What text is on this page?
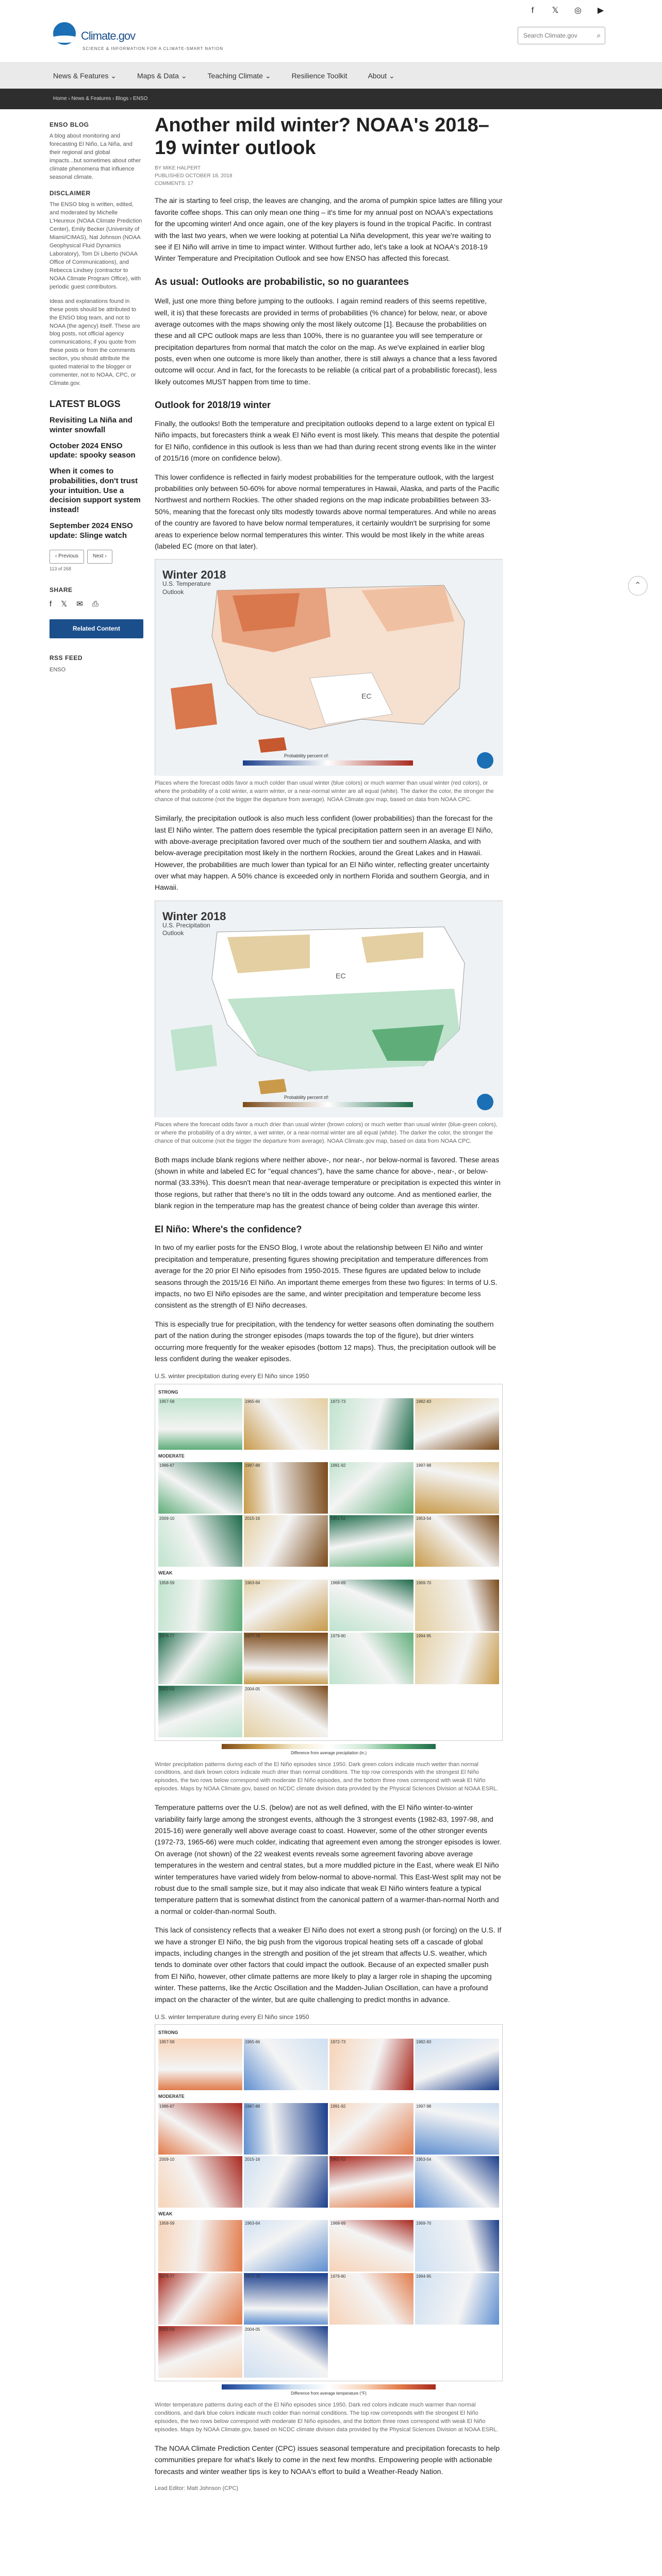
Climate.gov
SCIENCE & INFORMATION FOR A CLIMATE-SMART NATION
f	𝕏 ◎ ▶
Search Climate.gov	⌕
News & Features ⌄	Maps & Data ⌄	Teaching Climate ⌄	Resilience Toolkit	About ⌄
Home › News & Features › Blogs › ENSO
ENSO BLOG

A blog about monitoring and forecasting El Niño, La Niña, and their regional and global impacts...but sometimes about other climate phenomena that influence seasonal climate.

DISCLAIMER

The ENSO blog is written, edited, and moderated by Michelle L'Heureux (NOAA Climate Prediction Center), Emily Becker (University of Miami/CIMAS), Nat Johnson (NOAA Geophysical Fluid Dynamics Laboratory), Tom Di Liberto (NOAA Office of Communications), and Rebecca Lindsey (contractor to NOAA Climate Program Office), with periodic guest contributors.

Ideas and explanations found in these posts should be attributed to the ENSO blog team, and not to NOAA (the agency) itself. These are blog posts, not official agency communications; if you quote from these posts or from the comments section, you should attribute the quoted material to the blogger or commenter, not to NOAA, CPC, or Climate.gov.

LATEST BLOGS
Revisiting La Niña and winter snowfall
October 2024 ENSO update: spooky season
When it comes to probabilities, don't trust your intuition. Use a decision support system instead!
September 2024 ENSO update: Slinge watch
‹ Previous	Next ›
113 of 268
SHARE
f 𝕏 ✉ ⎙
Related Content
RSS FEED
ENSO
Another mild winter? NOAA's 2018–19 winter outlook
BY MIKE HALPERT
PUBLISHED OCTOBER 18, 2018
COMMENTS: 17

The air is starting to feel crisp, the leaves are changing, and the aroma of pumpkin spice lattes are filling your favorite coffee shops. This can only mean one thing – it's time for my annual post on NOAA's expectations for the upcoming winter! And once again, one of the key players is found in the tropical Pacific. In contrast with the last two years, when we were looking at potential La Niña development, this year we're waiting to see if El Niño will arrive in time to impact winter. Without further ado, let's take a look at NOAA's 2018-19 Winter Temperature and Precipitation Outlook and see how ENSO has affected this forecast.

As usual: Outlooks are probabilistic, so no guarantees

Well, just one more thing before jumping to the outlooks. I again remind readers of this seems repetitive, well, it is) that these forecasts are provided in terms of probabilities (% chance) for below, near, or above average outcomes with the maps showing only the most likely outcome [1]. Because the probabilities on these and all CPC outlook maps are less than 100%, there is no guarantee you will see temperature or precipitation departures from normal that match the color on the map. As we've explained in earlier blog posts, even when one outcome is more likely than another, there is still always a chance that a less favored outcome will occur. And in fact, for the forecasts to be reliable (a critical part of a probabilistic forecast), less likely outcomes MUST happen from time to time.

Outlook for 2018/19 winter

Finally, the outlooks! Both the temperature and precipitation outlooks depend to a large extent on typical El Niño impacts, but forecasters think a weak El Niño event is most likely. This means that despite the potential for El Niño, confidence in this outlook is less than we had than during recent strong events like in the winter of 2015/16 (more on confidence below).

This lower confidence is reflected in fairly modest probabilities for the temperature outlook, with the largest probabilities only between 50-60% for above normal temperatures in Hawaii, Alaska, and parts of the Pacific Northwest and northern Rockies. The other shaded regions on the map indicate probabilities between 33-50%, meaning that the forecast only tilts modestly towards above normal temperatures. And while no areas of the country are favored to have below normal temperatures, it certainly wouldn't be surprising for some areas to experience below normal temperatures this winter. This would be most likely in the white areas (labeled EC (more on that later).

EC
Winter 2018
U.S. Temperature Outlook
Probability percent of:
Places where the forecast odds favor a much colder than usual winter (blue colors) or much warmer than usual winter (red colors), or where the probability of a cold winter, a warm winter, or a near-normal winter are all equal (white). The darker the color, the stronger the chance of that outcome (not the bigger the departure from average). NOAA Climate.gov map, based on data from NOAA CPC.

Similarly, the precipitation outlook is also much less confident (lower probabilities) than the forecast for the last El Niño winter. The pattern does resemble the typical precipitation pattern seen in an average El Niño, with above-average precipitation favored over much of the southern tier and southern Alaska, and with below-average precipitation most likely in the northern Rockies, around the Great Lakes and in Hawaii. However, the probabilities are much lower than typical for an El Niño winter, reflecting greater uncertainty over what may happen. A 50% chance is exceeded only in northern Florida and southern Georgia, and in Hawaii.

EC
Winter 2018
U.S. Precipitation Outlook
Probability percent of:
Places where the forecast odds favor a much drier than usual winter (brown colors) or much wetter than usual winter (blue-green colors), or where the probability of a dry winter, a wet winter, or a near-normal winter are all equal (white). The darker the color, the stronger the chance of that outcome (not the bigger the departure from average). NOAA Climate.gov map, based on data from NOAA CPC.

Both maps include blank regions where neither above-, nor near-, nor below-normal is favored. These areas (shown in white and labeled EC for "equal chances"), have the same chance for above-, near-, or below-normal (33.33%). This doesn't mean that near-average temperature or precipitation is expected this winter in those regions, but rather that there's no tilt in the odds toward any outcome. And as mentioned earlier, the blank region in the temperature map has the greatest chance of being colder than average this winter.

El Niño: Where's the confidence?

In two of my earlier posts for the ENSO Blog, I wrote about the relationship between El Niño and winter precipitation and temperature, presenting figures showing precipitation and temperature differences from average for the 20 prior El Niño episodes from 1950-2015. These figures are updated below to include seasons through the 2015/16 El Niño. An important theme emerges from these two figures: In terms of U.S. impacts, no two El Niño episodes are the same, and winter precipitation and temperature become less consistent as the strength of El Niño decreases.

This is especially true for precipitation, with the tendency for wetter seasons often dominating the southern part of the nation during the stronger episodes (maps towards the top of the figure), but drier winters occurring more frequently for the weaker episodes (bottom 12 maps). Thus, the precipitation outlook will be less confident during the weaker episodes.

U.S. winter precipitation during every El Niño since 1950
STRONG
1957-58	1965-66	1972-73	1982-83
MODERATE
1986-87	1987-88	1991-92	1997-98
2009-10	2015-16	1951-52	1953-54
WEAK
1958-59	1963-64	1968-69	1969-70
1976-77	1977-78	1979-80	1994-95
2002-03	2004-05
Difference from average precipitation (in.)
Winter precipitation patterns during each of the El Niño episodes since 1950. Dark green colors indicate much wetter than normal conditions, and dark brown colors indicate much drier than normal conditions. The top row corresponds with the strongest El Niño episodes, the two rows below correspond with moderate El Niño episodes, and the bottom three rows correspond with weak El Niño episodes. Maps by NOAA Climate.gov, based on NCDC climate division data provided by the Physical Sciences Division at NOAA ESRL.

Temperature patterns over the U.S. (below) are not as well defined, with the El Niño winter-to-winter variability fairly large among the strongest events, although the 3 strongest events (1982-83, 1997-98, and 2015-16) were generally well above average coast to coast. However, some of the other stronger events (1972-73, 1965-66) were much colder, indicating that agreement even among the stronger episodes is lower. On average (not shown) of the 22 weakest events reveals some agreement favoring above average temperatures in the western and central states, but a more muddled picture in the East, where weak El Niño winter temperatures have varied widely from below-normal to above-normal. This East-West split may not be robust due to the small sample size, but it may also indicate that weak El Niño winters feature a typical temperature pattern that is somewhat distinct from the canonical pattern of a warmer-than-normal North and a normal or colder-than-normal South.

This lack of consistency reflects that a weaker El Niño does not exert a strong push (or forcing) on the U.S. If we have a stronger El Niño, the big push from the vigorous tropical heating sets off a cascade of global impacts, including changes in the strength and position of the jet stream that affects U.S. weather, which tends to dominate over other factors that could impact the outlook. Because of an expected smaller push from El Niño, however, other climate patterns are more likely to play a larger role in shaping the upcoming winter. These patterns, like the Arctic Oscillation and the Madden-Julian Oscillation, can have a profound impact on the character of the winter, but are quite challenging to predict months in advance.

U.S. winter temperature during every El Niño since 1950
STRONG
1957-58	1965-66	1972-73	1982-83
MODERATE
1986-87	1987-88	1991-92	1997-98
2009-10	2015-16	1951-52	1953-54
WEAK
1958-59	1963-64	1968-69	1969-70
1976-77	1977-78	1979-80	1994-95
2002-03	2004-05
Difference from average temperature (°F)
Winter temperature patterns during each of the El Niño episodes since 1950. Dark red colors indicate much warmer than normal conditions, and dark blue colors indicate much colder than normal conditions. The top row corresponds with the strongest El Niño episodes, the two rows below correspond with moderate El Niño episodes, and the bottom three rows correspond with weak El Niño episodes. Maps by NOAA Climate.gov, based on NCDC climate division data provided by the Physical Sciences Division at NOAA ESRL.

The NOAA Climate Prediction Center (CPC) issues seasonal temperature and precipitation forecasts to help communities prepare for what's likely to come in the next few months. Empowering people with actionable forecasts and winter weather tips is key to NOAA's effort to build a Weather-Ready Nation.

Lead Editor: Matt Johnson (CPC)
⌃
